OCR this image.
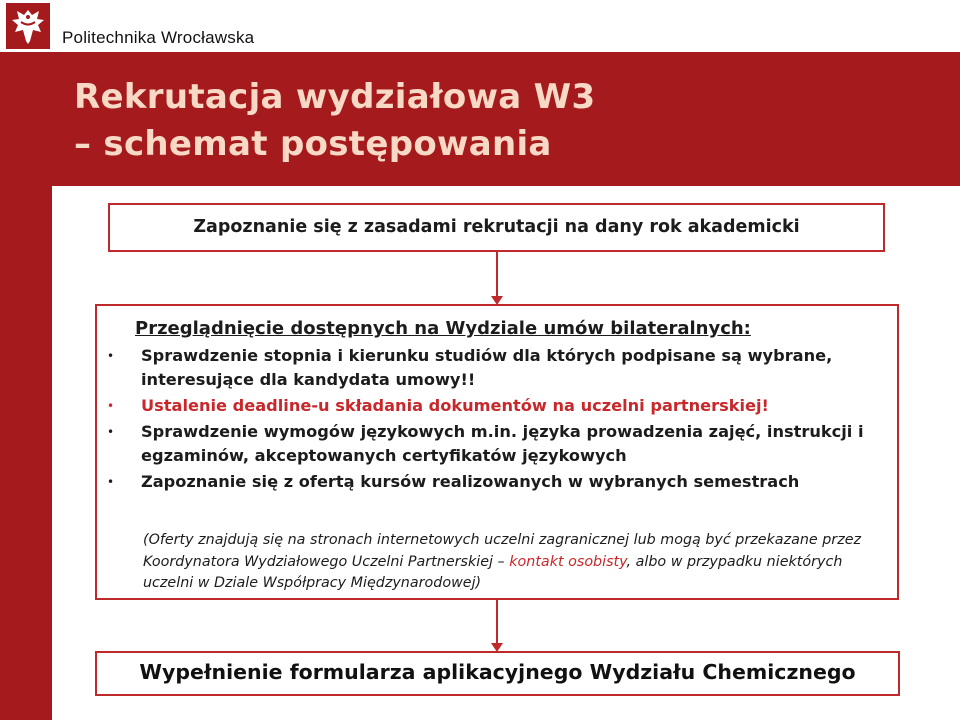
Politechnika Wrocławska
Rekrutacja wydziałowa W3
– schemat postępowania
Zapoznanie się z zasadami rekrutacji na dany rok akademicki
Przeglądnięcie dostępnych na Wydziale umów bilateralnych:
• Sprawdzenie stopnia i kierunku studiów dla których podpisane są wybrane, interesujące dla kandydata umowy!!
• Ustalenie deadline-u składania dokumentów na uczelni partnerskiej!
• Sprawdzenie wymogów językowych m.in. języka prowadzenia zajęć, instrukcji i egzaminów, akceptowanych certyfikatów językowych
• Zapoznanie się z ofertą kursów realizowanych w wybranych semestrach
(Oferty znajdują się na stronach internetowych uczelni zagranicznej lub mogą być przekazane przez Koordynatora Wydziałowego Uczelni Partnerskiej – kontakt osobisty, albo w przypadku niektórych uczelni w Dziale Współpracy Międzynarodowej)
Wypełnienie formularza aplikacyjnego Wydziału Chemicznego
